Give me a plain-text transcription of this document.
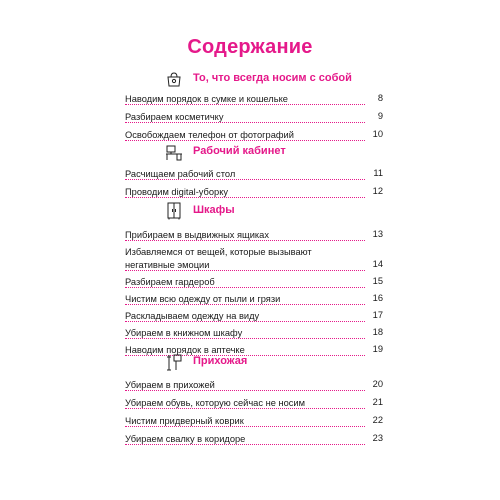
Содержание
То, что всегда носим с собой
Наводим порядок в сумке и кошельке	8
Разбираем косметичку	9
Освобождаем телефон от фотографий	10
Рабочий кабинет
Расчищаем рабочий стол	11
Проводим digital-уборку	12
Шкафы
Прибираем в выдвижных ящиках	13
Избавляемся от вещей, которые вызывают негативные эмоции	14
Разбираем гардероб	15
Чистим всю одежду от пыли и грязи	16
Раскладываем одежду на виду	17
Убираем в книжном шкафу	18
Наводим порядок в аптечке	19
Прихожая
Убираем в прихожей	20
Убираем обувь, которую сейчас не носим	21
Чистим придверный коврик	22
Убираем свалку в коридоре	23
